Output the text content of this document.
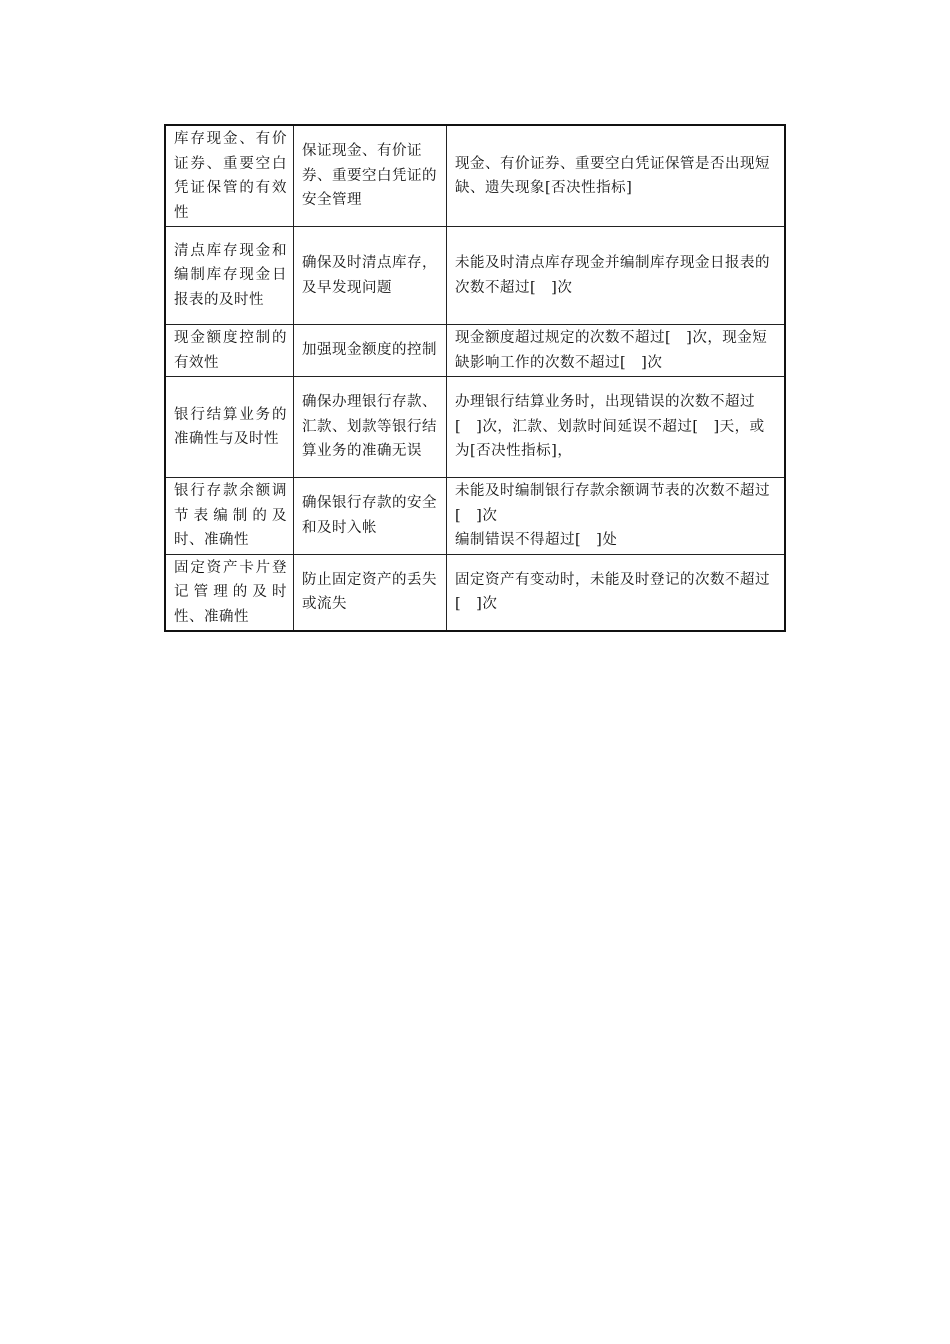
库存现金、有价证券、重要空白凭证保管的有效性	保证现金、有价证券、重要空白凭证的安全管理	现金、有价证券、重要空白凭证保管是否出现短缺、遗失现象[否决性指标]
清点库存现金和编制库存现金日报表的及时性	确保及时清点库存，及早发现问题	未能及时清点库存现金并编制库存现金日报表的次数不超过[　]次
现金额度控制的有效性	加强现金额度的控制	现金额度超过规定的次数不超过[　]次，现金短缺影响工作的次数不超过[　]次
银行结算业务的准确性与及时性	确保办理银行存款、汇款、划款等银行结算业务的准确无误	办理银行结算业务时，出现错误的次数不超过[　]次，汇款、划款时间延误不超过[　]天，或为[否决性指标]，
银行存款余额调节表编制的及时、准确性	确保银行存款的安全和及时入帐	未能及时编制银行存款余额调节表的次数不超过[　]次
编制错误不得超过[　]处

固定资产卡片登记管理的及时性、准确性	防止固定资产的丢失或流失	固定资产有变动时，未能及时登记的次数不超过[　]次
